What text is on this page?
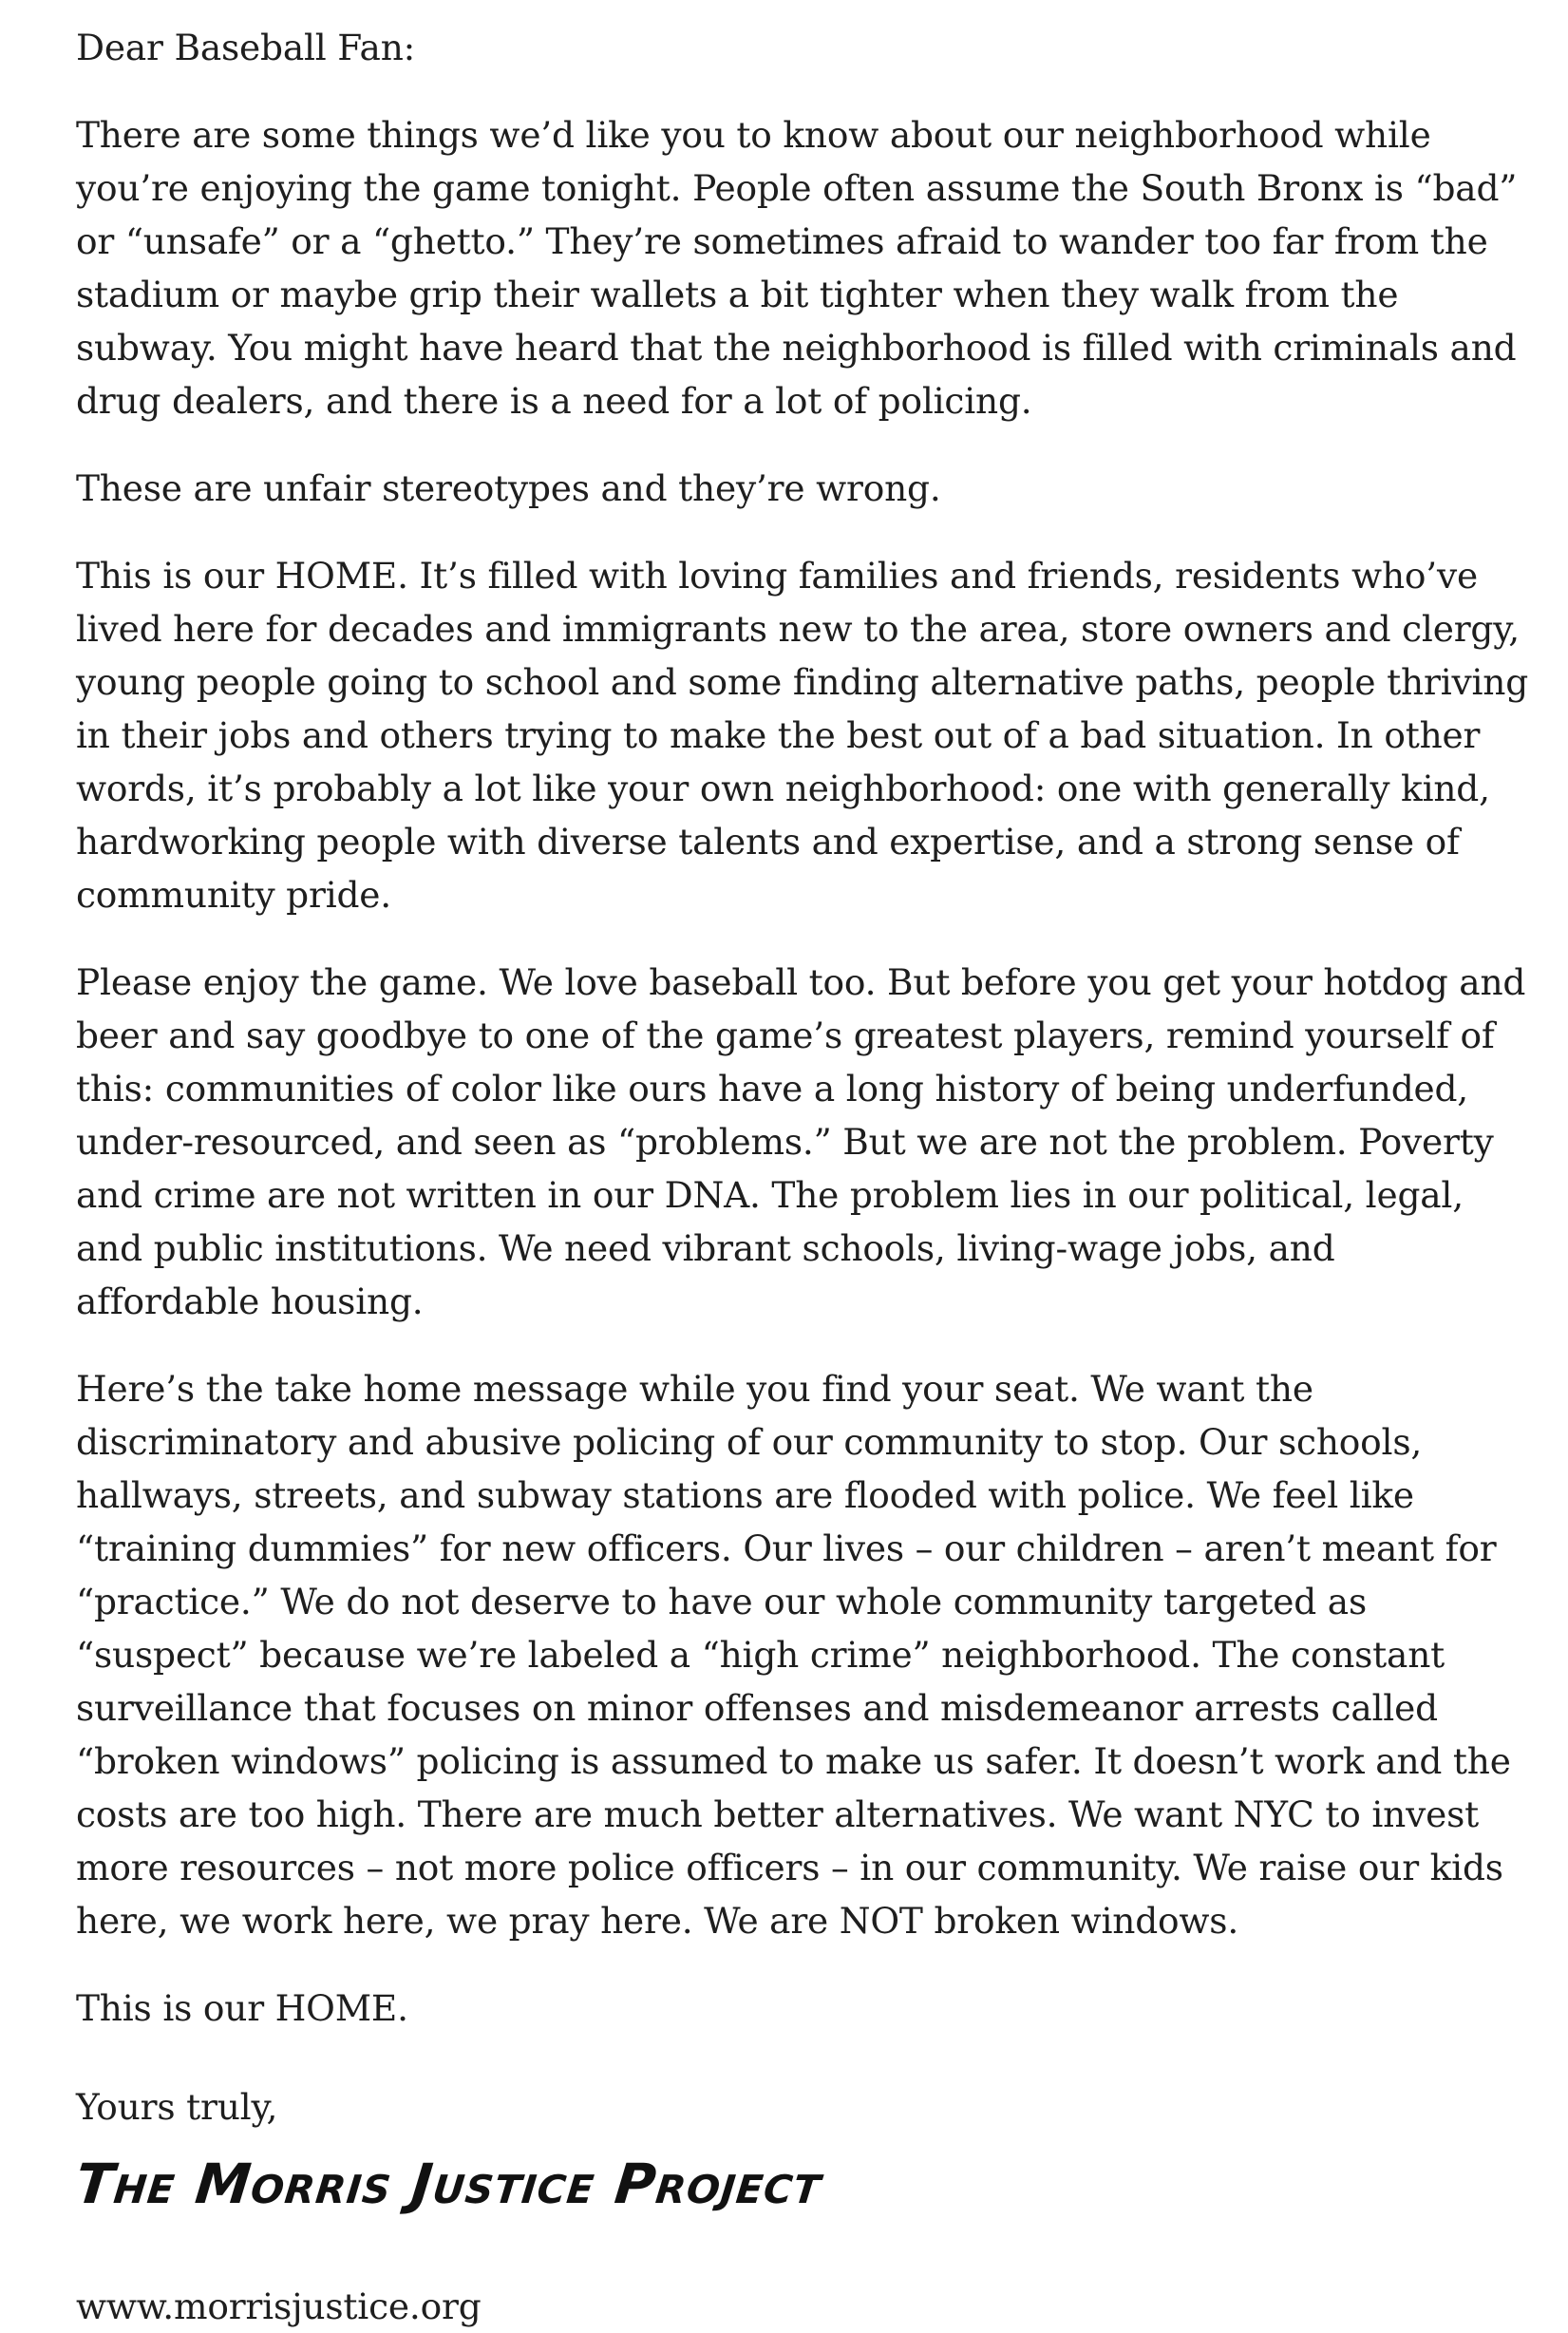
Dear Baseball Fan:

There are some things we’d like you to know about our neighborhood while you’re enjoying the game tonight. People often assume the South Bronx is “bad” or “unsafe” or a “ghetto.” They’re sometimes afraid to wander too far from the stadium or maybe grip their wallets a bit tighter when they walk from the subway. You might have heard that the neighborhood is filled with criminals and drug dealers, and there is a need for a lot of policing.

These are unfair stereotypes and they’re wrong.

This is our HOME. It’s filled with loving families and friends, residents who’ve lived here for decades and immigrants new to the area, store owners and clergy, young people going to school and some finding alternative paths, people thriving in their jobs and others trying to make the best out of a bad situation. In other words, it’s probably a lot like your own neighborhood: one with generally kind, hardworking people with diverse talents and expertise, and a strong sense of community pride.

Please enjoy the game. We love baseball too. But before you get your hotdog and beer and say goodbye to one of the game’s greatest players, remind yourself of this: communities of color like ours have a long history of being underfunded, under-resourced, and seen as “problems.” But we are not the problem. Poverty and crime are not written in our DNA. The problem lies in our political, legal, and public institutions. We need vibrant schools, living-wage jobs, and affordable housing.

Here’s the take home message while you find your seat. We want the discriminatory and abusive policing of our community to stop. Our schools, hallways, streets, and subway stations are flooded with police. We feel like “training dummies” for new officers. Our lives – our children – aren’t meant for “practice.” We do not deserve to have our whole community targeted as “suspect” because we’re labeled a “high crime” neighborhood. The constant surveillance that focuses on minor offenses and misdemeanor arrests called “broken windows” policing is assumed to make us safer. It doesn’t work and the costs are too high. There are much better alternatives. We want NYC to invest more resources – not more police officers – in our community. We raise our kids here, we work here, we pray here. We are NOT broken windows.

This is our HOME.

Yours truly,

The Morris Justice Project

www.morrisjustice.org
